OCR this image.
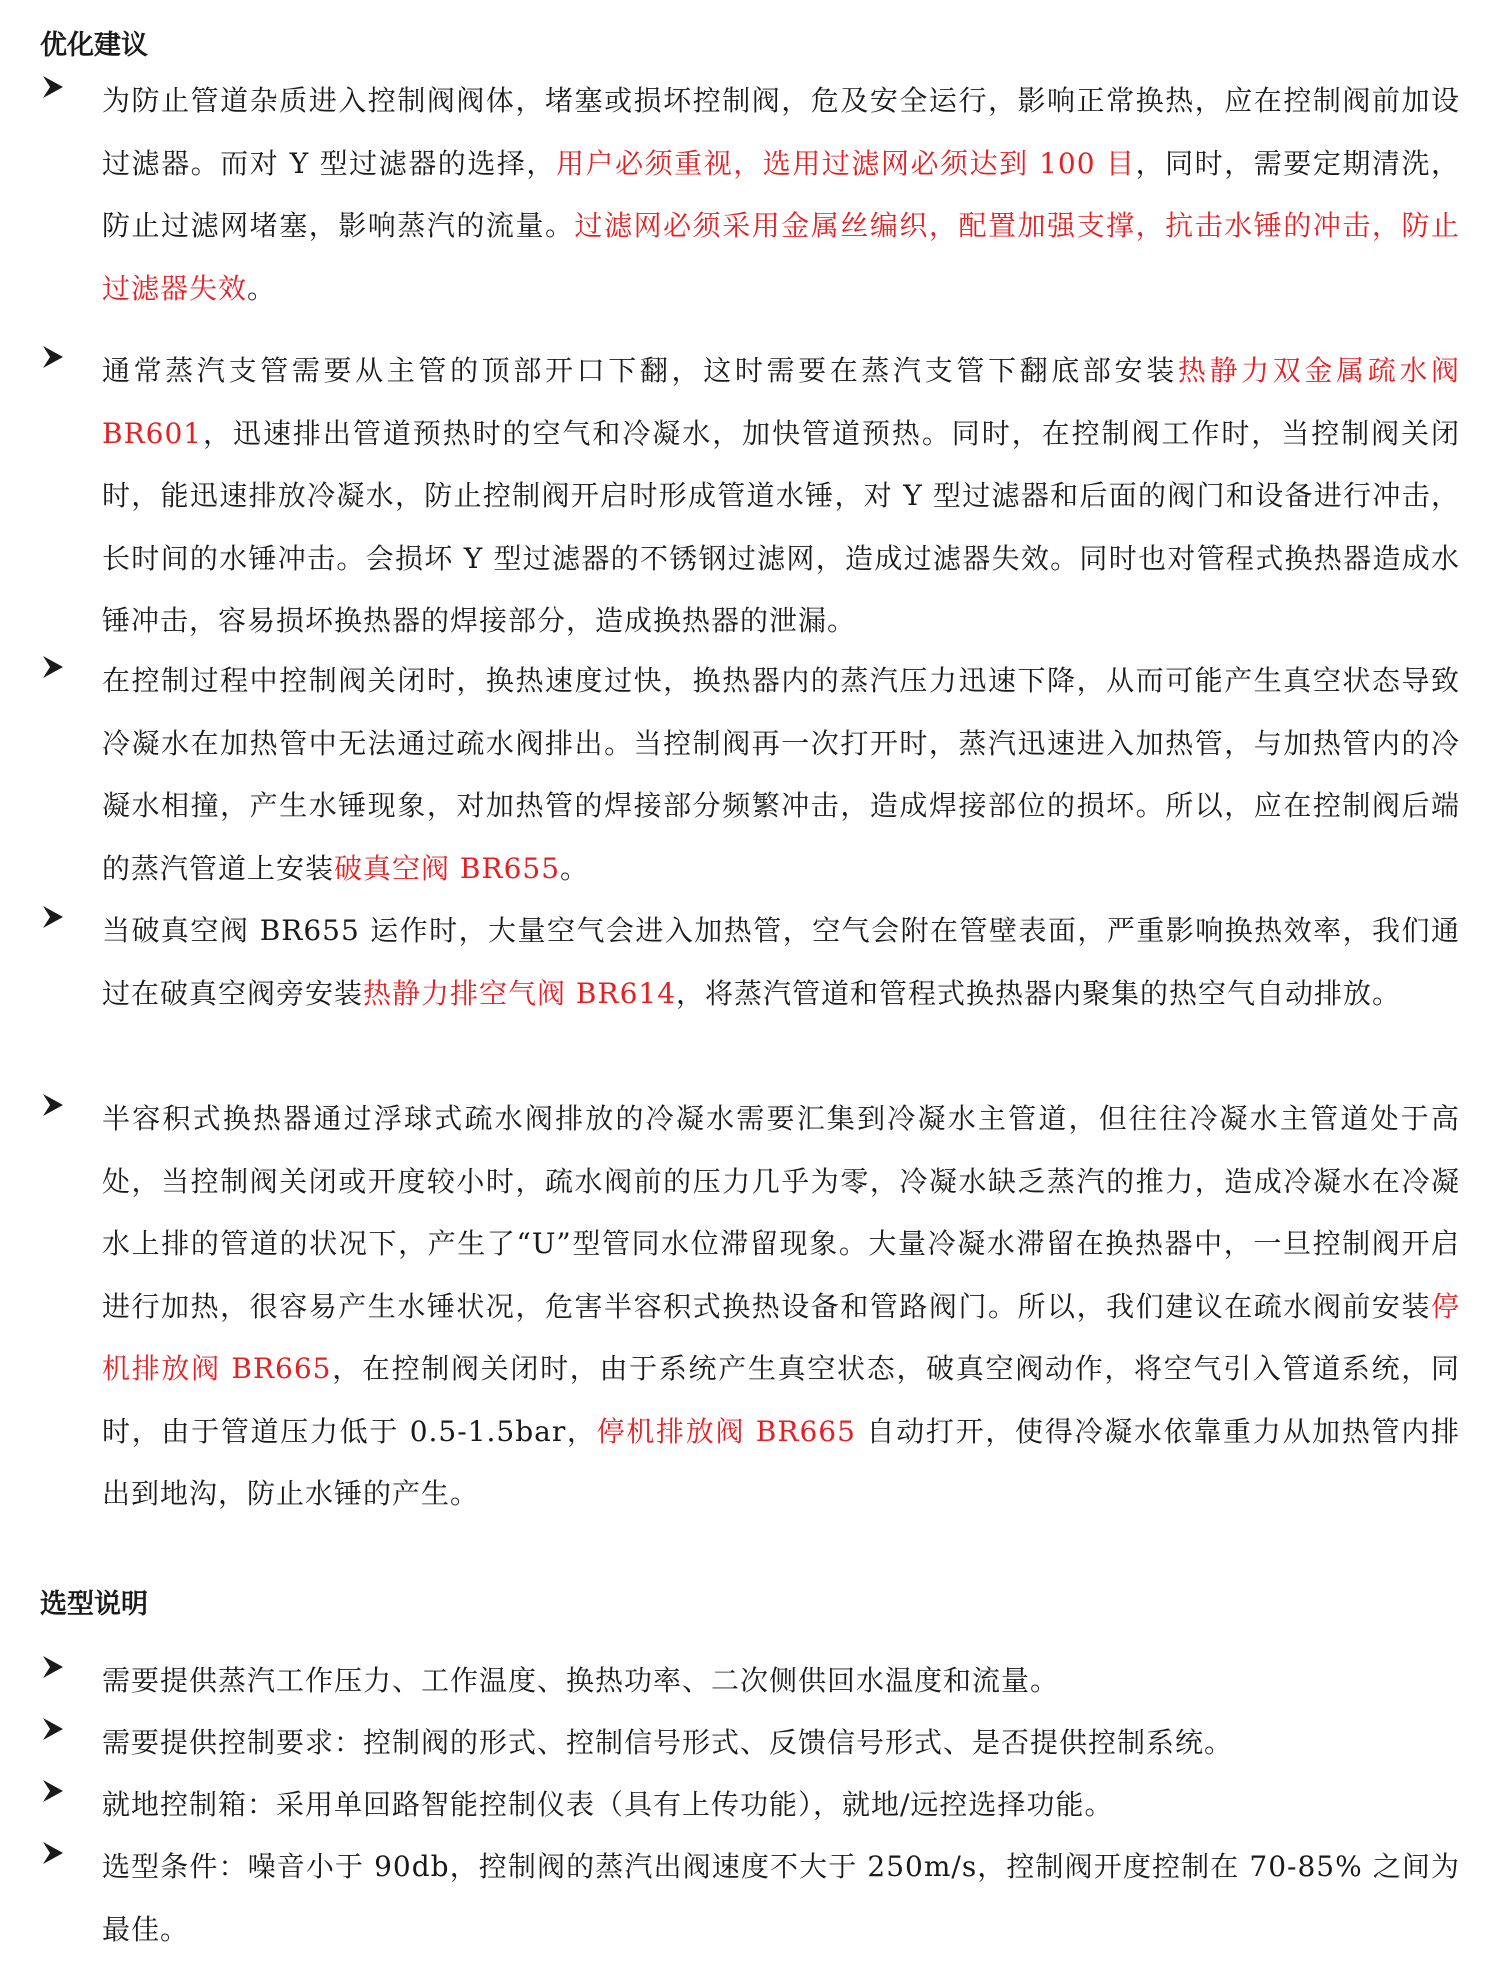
优化建议

为防止管道杂质进入控制阀阀体，堵塞或损坏控制阀，危及安全运行，影响正常换热，应在控制阀前加设过滤器。而对 Y 型过滤器的选择，用户必须重视，选用过滤网必须达到 100 目，同时，需要定期清洗，防止过滤网堵塞，影响蒸汽的流量。过滤网必须采用金属丝编织，配置加强支撑，抗击水锤的冲击，防止过滤器失效。

通常蒸汽支管需要从主管的顶部开口下翻，这时需要在蒸汽支管下翻底部安装热静力双金属疏水阀 BR601，迅速排出管道预热时的空气和冷凝水，加快管道预热。同时，在控制阀工作时，当控制阀关闭时，能迅速排放冷凝水，防止控制阀开启时形成管道水锤，对 Y 型过滤器和后面的阀门和设备进行冲击，长时间的水锤冲击。会损坏 Y 型过滤器的不锈钢过滤网，造成过滤器失效。同时也对管程式换热器造成水锤冲击，容易损坏换热器的焊接部分，造成换热器的泄漏。

在控制过程中控制阀关闭时，换热速度过快，换热器内的蒸汽压力迅速下降，从而可能产生真空状态导致冷凝水在加热管中无法通过疏水阀排出。当控制阀再一次打开时，蒸汽迅速进入加热管，与加热管内的冷凝水相撞，产生水锤现象，对加热管的焊接部分频繁冲击，造成焊接部位的损坏。所以，应在控制阀后端的蒸汽管道上安装破真空阀 BR655。

当破真空阀 BR655 运作时，大量空气会进入加热管，空气会附在管壁表面，严重影响换热效率，我们通过在破真空阀旁安装热静力排空气阀 BR614，将蒸汽管道和管程式换热器内聚集的热空气自动排放。

半容积式换热器通过浮球式疏水阀排放的冷凝水需要汇集到冷凝水主管道，但往往冷凝水主管道处于高处，当控制阀关闭或开度较小时，疏水阀前的压力几乎为零，冷凝水缺乏蒸汽的推力，造成冷凝水在冷凝水上排的管道的状况下，产生了“U”型管同水位滞留现象。大量冷凝水滞留在换热器中，一旦控制阀开启进行加热，很容易产生水锤状况，危害半容积式换热设备和管路阀门。所以，我们建议在疏水阀前安装停机排放阀 BR665，在控制阀关闭时，由于系统产生真空状态，破真空阀动作，将空气引入管道系统，同时，由于管道压力低于 0.5-1.5bar，停机排放阀 BR665 自动打开，使得冷凝水依靠重力从加热管内排出到地沟，防止水锤的产生。

选型说明

需要提供蒸汽工作压力、工作温度、换热功率、二次侧供回水温度和流量。

需要提供控制要求：控制阀的形式、控制信号形式、反馈信号形式、是否提供控制系统。

就地控制箱：采用单回路智能控制仪表（具有上传功能），就地/远控选择功能。

选型条件：噪音小于 90db，控制阀的蒸汽出阀速度不大于 250m/s，控制阀开度控制在 70-85% 之间为最佳。
